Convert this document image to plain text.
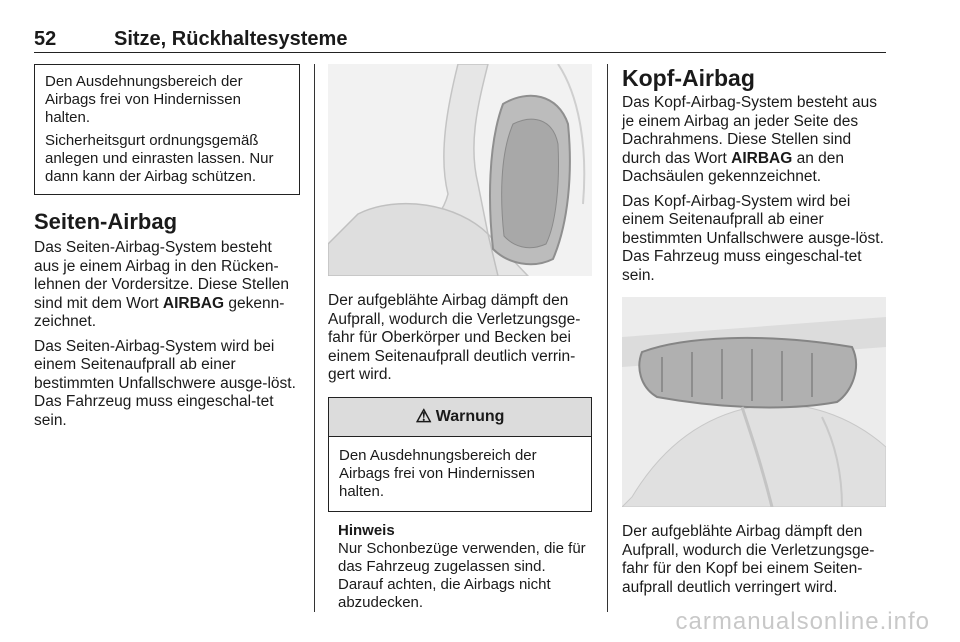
52	Sitze, Rückhaltesysteme

Den Ausdehnungsbereich der Airbags frei von Hindernissen halten.

Sicherheitsgurt ordnungsgemäß anlegen und einrasten lassen. Nur dann kann der Airbag schützen.

Seiten-Airbag

Das Seiten-Airbag-System besteht aus je einem Airbag in den Rücken-lehnen der Vordersitze. Diese Stellen sind mit dem Wort AIRBAG gekenn-zeichnet.

Das Seiten-Airbag-System wird bei einem Seitenaufprall ab einer bestimmten Unfallschwere ausge-löst. Das Fahrzeug muss eingeschal-tet sein.

Der aufgeblähte Airbag dämpft den Aufprall, wodurch die Verletzungsge-fahr für Oberkörper und Becken bei einem Seitenaufprall deutlich verrin-gert wird.

⚠ Warnung
Den Ausdehnungsbereich der Airbags frei von Hindernissen halten.
Hinweis
Nur Schonbezüge verwenden, die für das Fahrzeug zugelassen sind. Darauf achten, die Airbags nicht abzudecken.
Kopf-Airbag

Das Kopf-Airbag-System besteht aus je einem Airbag an jeder Seite des Dachrahmens. Diese Stellen sind durch das Wort AIRBAG an den Dachsäulen gekennzeichnet.

Das Kopf-Airbag-System wird bei einem Seitenaufprall ab einer bestimmten Unfallschwere ausge-löst. Das Fahrzeug muss eingeschal-tet sein.

Der aufgeblähte Airbag dämpft den Aufprall, wodurch die Verletzungsge-fahr für den Kopf bei einem Seiten-aufprall deutlich verringert wird.

carmanualsonline.info
